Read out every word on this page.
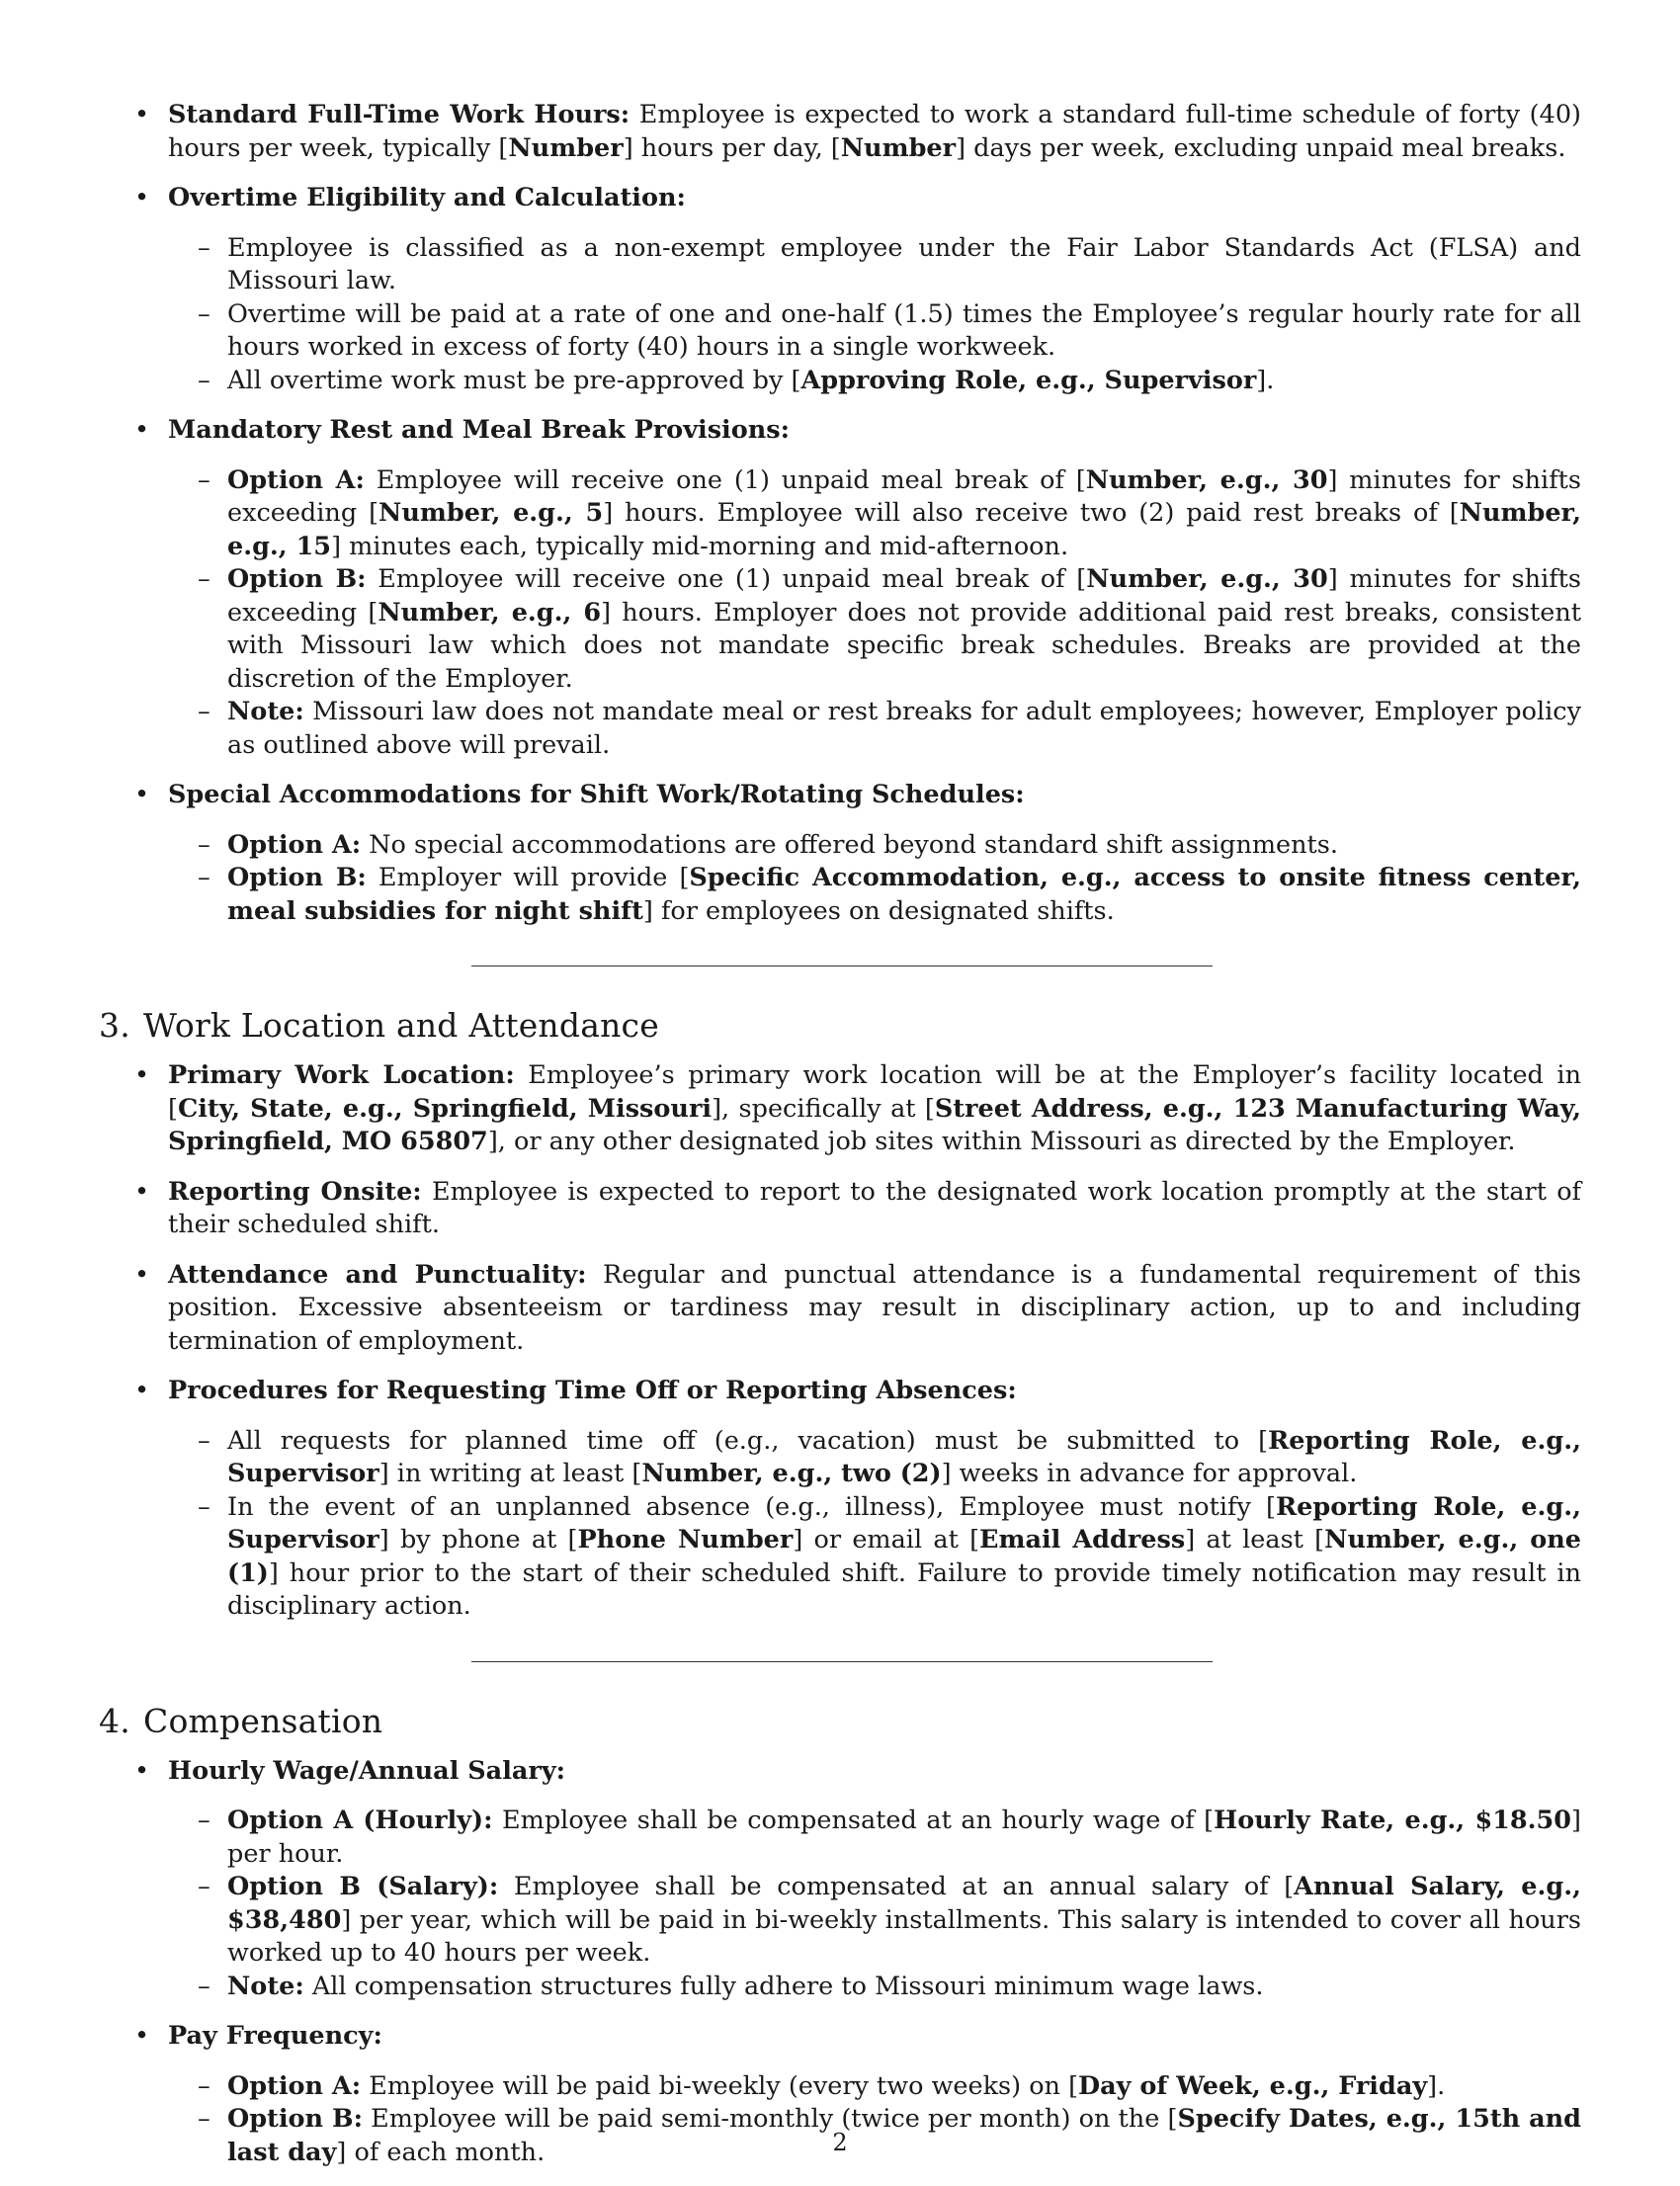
• Standard Full-Time Work Hours: Employee is expected to work a standard full-time schedule of forty (40) hours per week, typically [Number] hours per day, [Number] days per week, excluding unpaid meal breaks.
• Overtime Eligibility and Calculation:
– Employee is classified as a non-exempt employee under the Fair Labor Standards Act (FLSA) and Missouri law.
– Overtime will be paid at a rate of one and one-half (1.5) times the Employee’s regular hourly rate for all hours worked in excess of forty (40) hours in a single workweek.
– All overtime work must be pre-approved by [Approving Role, e.g., Supervisor].
• Mandatory Rest and Meal Break Provisions:
– Option A: Employee will receive one (1) unpaid meal break of [Number, e.g., 30] minutes for shifts exceeding [Number, e.g., 5] hours. Employee will also receive two (2) paid rest breaks of [Number, e.g., 15] minutes each, typically mid-morning and mid-afternoon.
– Option B: Employee will receive one (1) unpaid meal break of [Number, e.g., 30] minutes for shifts exceeding [Number, e.g., 6] hours. Employer does not provide additional paid rest breaks, consistent with Missouri law which does not mandate specific break schedules. Breaks are provided at the discretion of the Employer.
– Note: Missouri law does not mandate meal or rest breaks for adult employees; however, Employer policy as outlined above will prevail.
• Special Accommodations for Shift Work/Rotating Schedules:
– Option A: No special accommodations are offered beyond standard shift assignments.
– Option B: Employer will provide [Specific Accommodation, e.g., access to onsite fitness center, meal subsidies for night shift] for employees on designated shifts.
3. Work Location and Attendance
• Primary Work Location: Employee’s primary work location will be at the Employer’s facility located in [City, State, e.g., Springfield, Missouri], specifically at [Street Address, e.g., 123 Manufacturing Way, Springfield, MO 65807], or any other designated job sites within Missouri as directed by the Employer.
• Reporting Onsite: Employee is expected to report to the designated work location promptly at the start of their scheduled shift.
• Attendance and Punctuality: Regular and punctual attendance is a fundamental requirement of this position. Excessive absenteeism or tardiness may result in disciplinary action, up to and including termination of employment.
• Procedures for Requesting Time Off or Reporting Absences:
– All requests for planned time off (e.g., vacation) must be submitted to [Reporting Role, e.g., Supervisor] in writing at least [Number, e.g., two (2)] weeks in advance for approval.
– In the event of an unplanned absence (e.g., illness), Employee must notify [Reporting Role, e.g., Supervisor] by phone at [Phone Number] or email at [Email Address] at least [Number, e.g., one (1)] hour prior to the start of their scheduled shift. Failure to provide timely notification may result in disciplinary action.
4. Compensation
• Hourly Wage/Annual Salary:
– Option A (Hourly): Employee shall be compensated at an hourly wage of [Hourly Rate, e.g., $18.50] per hour.
– Option B (Salary): Employee shall be compensated at an annual salary of [Annual Salary, e.g., $38,480] per year, which will be paid in bi-weekly installments. This salary is intended to cover all hours worked up to 40 hours per week.
– Note: All compensation structures fully adhere to Missouri minimum wage laws.
• Pay Frequency:
– Option A: Employee will be paid bi-weekly (every two weeks) on [Day of Week, e.g., Friday].
– Option B: Employee will be paid semi-monthly (twice per month) on the [Specify Dates, e.g., 15th and last day] of each month.	2
